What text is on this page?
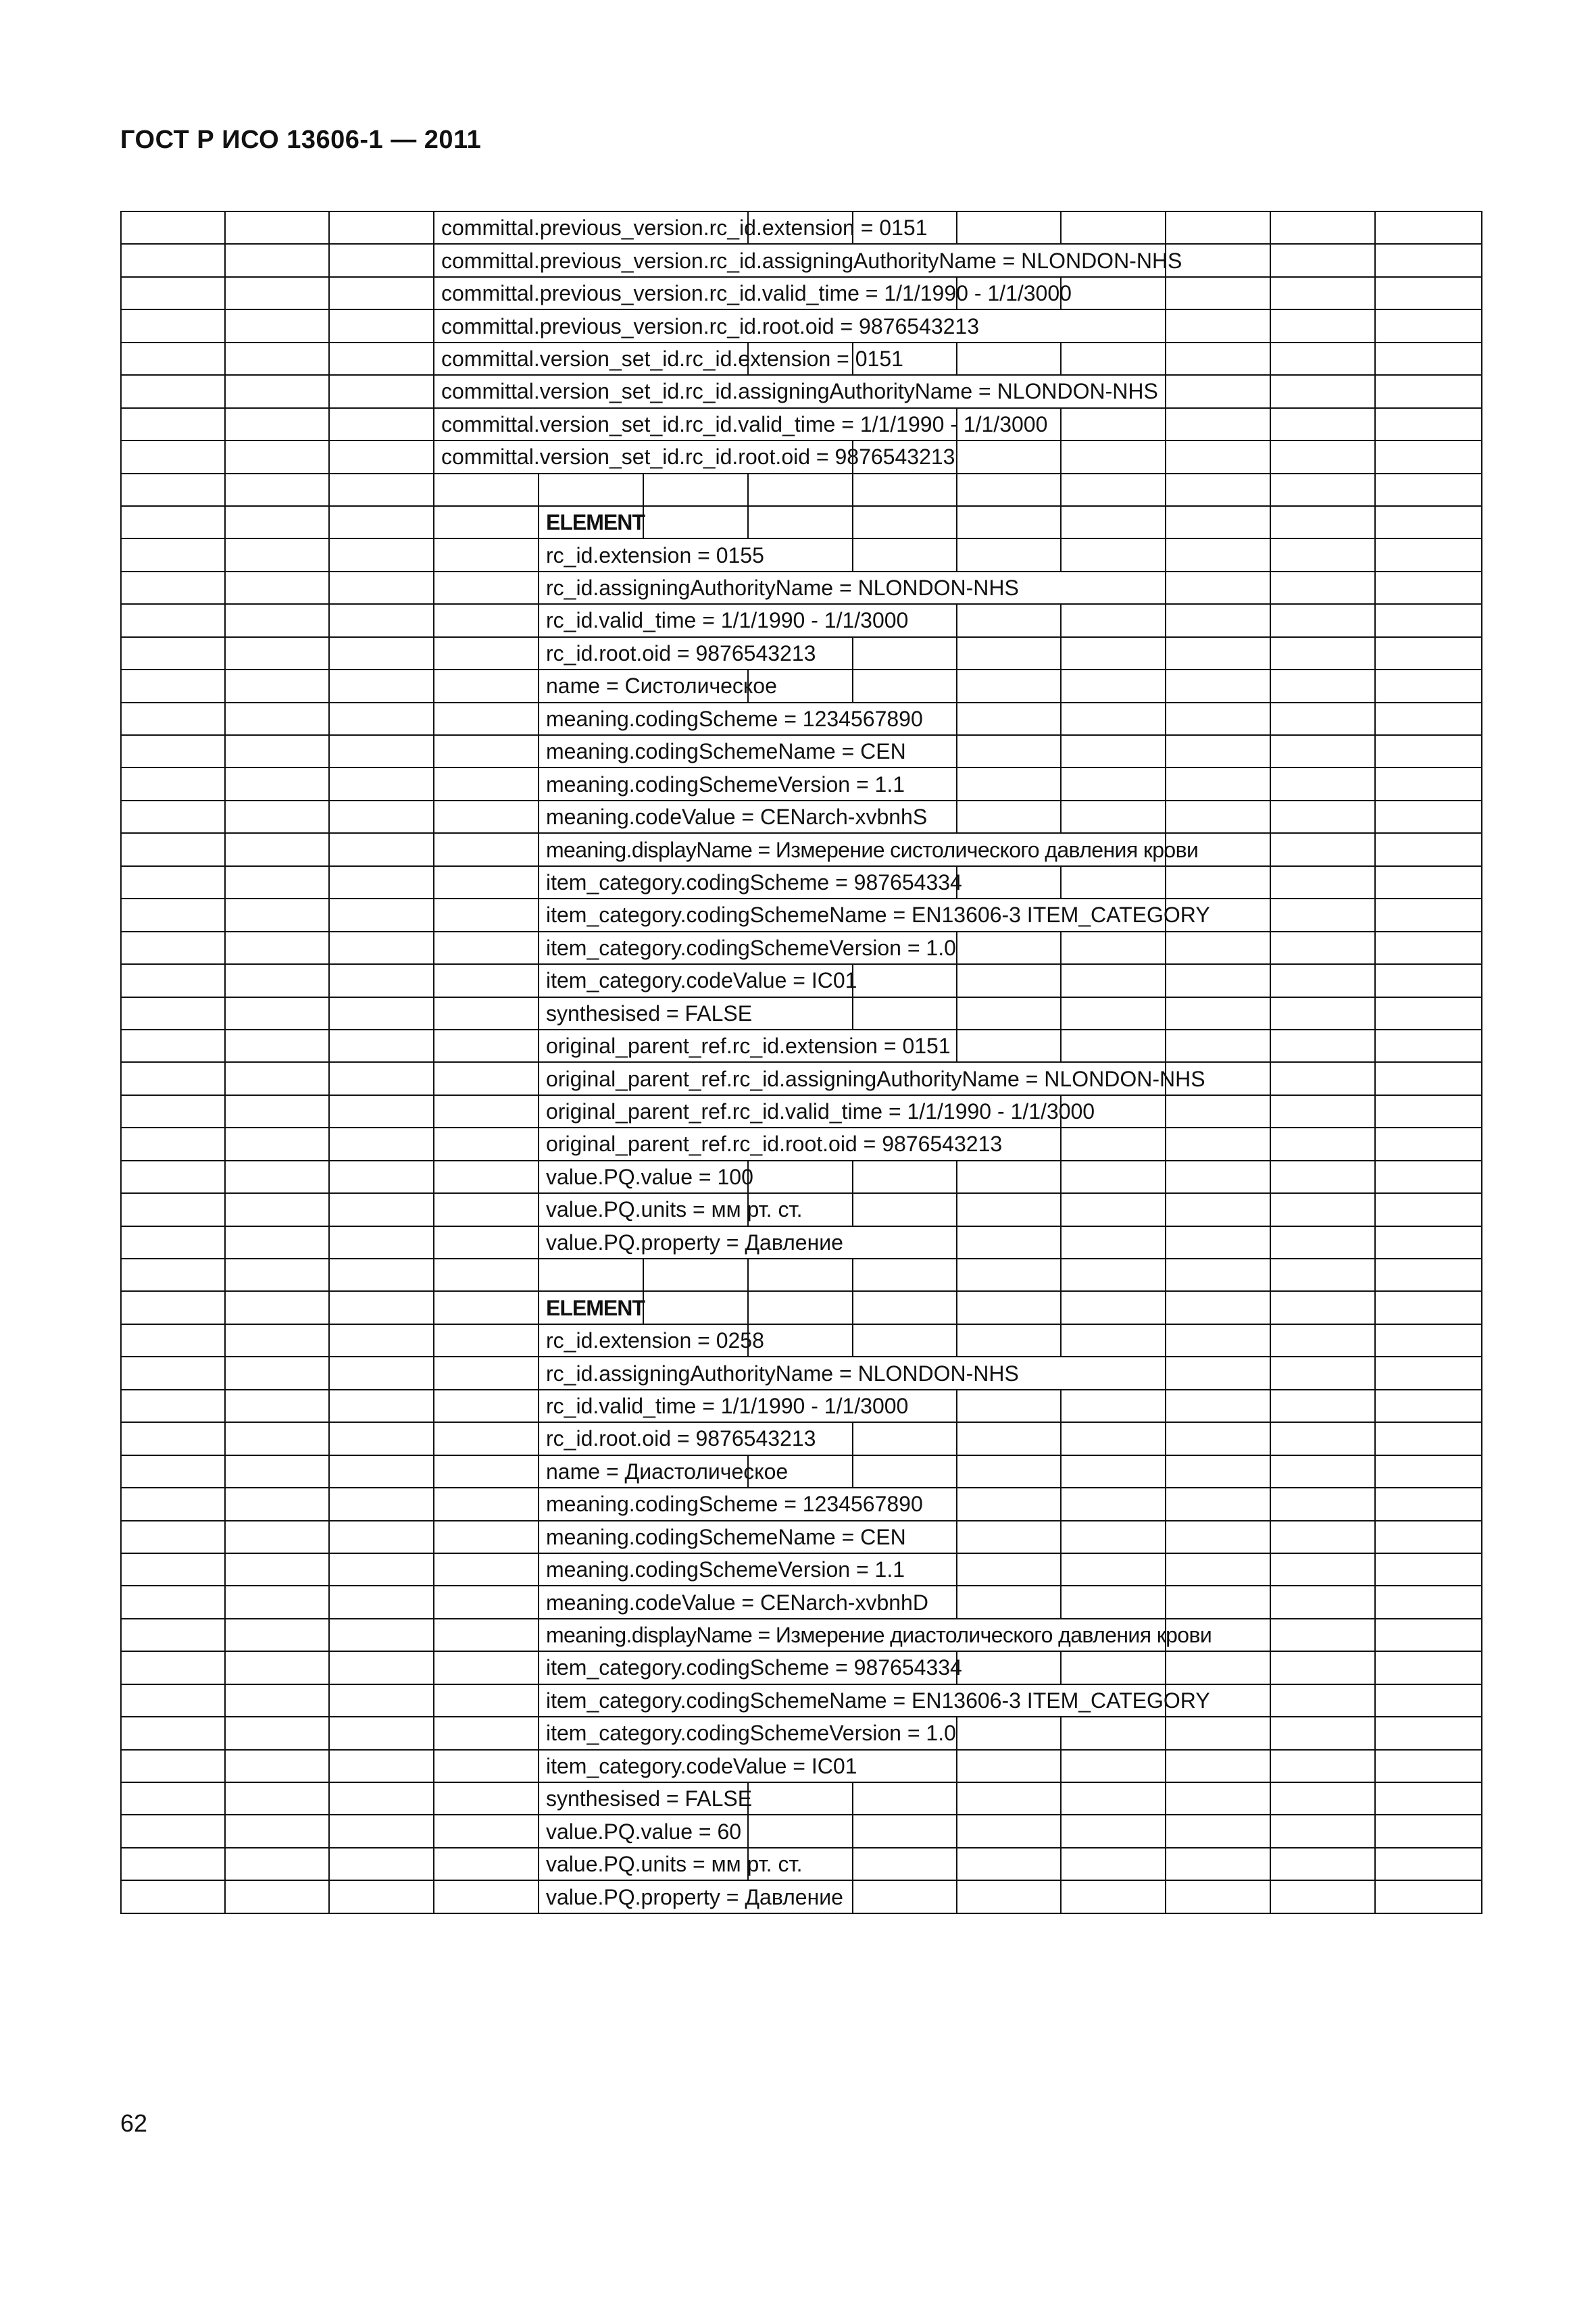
ГОСТ Р ИСО 13606-1 — 2011
			committal.previous_version.rc_id.extension = 0151									
			committal.previous_version.rc_id.assigningAuthorityName = NLONDON-NHS									
			committal.previous_version.rc_id.valid_time = 1/1/1990 - 1/1/3000									
			committal.previous_version.rc_id.root.oid = 9876543213									
			committal.version_set_id.rc_id.extension = 0151									
			committal.version_set_id.rc_id.assigningAuthorityName = NLONDON-NHS									
			committal.version_set_id.rc_id.valid_time = 1/1/1990 - 1/1/3000									
			committal.version_set_id.rc_id.root.oid = 9876543213									

				ELEMENT								
				rc_id.extension = 0155								
				rc_id.assigningAuthorityName = NLONDON-NHS								
				rc_id.valid_time = 1/1/1990 - 1/1/3000								
				rc_id.root.oid = 9876543213								
				name = Систолическое								
				meaning.codingScheme = 1234567890								
				meaning.codingSchemeName = CEN								
				meaning.codingSchemeVersion = 1.1								
				meaning.codeValue = CENarch-xvbnhS								
				meaning.displayName = Измерение систолического давления крови								
				item_category.codingScheme = 987654334								
				item_category.codingSchemeName = EN13606-3 ITEM_CATEGORY								
				item_category.codingSchemeVersion = 1.0								
				item_category.codeValue = IC01								
				synthesised = FALSE								
				original_parent_ref.rc_id.extension = 0151								
				original_parent_ref.rc_id.assigningAuthorityName = NLONDON-NHS								
				original_parent_ref.rc_id.valid_time = 1/1/1990 - 1/1/3000								
				original_parent_ref.rc_id.root.oid = 9876543213								
				value.PQ.value = 100								
				value.PQ.units = мм рт. ст.								
				value.PQ.property = Давление								

				ELEMENT								
				rc_id.extension = 0258								
				rc_id.assigningAuthorityName = NLONDON-NHS								
				rc_id.valid_time = 1/1/1990 - 1/1/3000								
				rc_id.root.oid = 9876543213								
				name = Диастолическое								
				meaning.codingScheme = 1234567890								
				meaning.codingSchemeName = CEN								
				meaning.codingSchemeVersion = 1.1								
				meaning.codeValue = CENarch-xvbnhD								
				meaning.displayName = Измерение диастолического давления крови								
				item_category.codingScheme = 987654334								
				item_category.codingSchemeName = EN13606-3 ITEM_CATEGORY								
				item_category.codingSchemeVersion = 1.0								
				item_category.codeValue = IC01								
				synthesised = FALSE								
				value.PQ.value = 60								
				value.PQ.units = мм рт. ст.								
				value.PQ.property = Давление								
62
